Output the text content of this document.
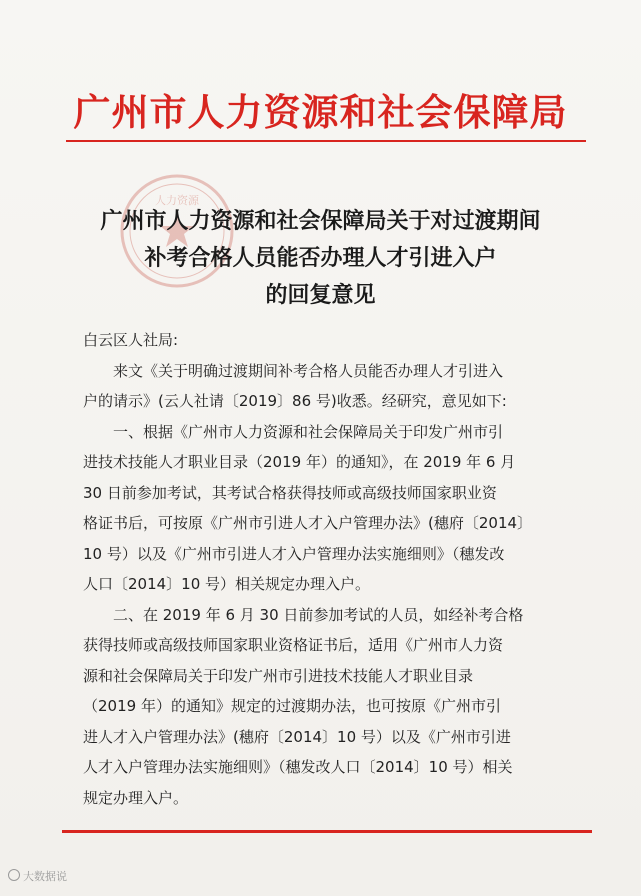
广州市人力资源和社会保障局
人力资源
广州市人力资源和社会保障局关于对过渡期间
补考合格人员能否办理人才引进入户
的回复意见
白云区人社局:
　　来文《关于明确过渡期间补考合格人员能否办理人才引进入
户的请示》(云人社请〔2019〕86 号)收悉。经研究，意见如下:
　　一、根据《广州市人力资源和社会保障局关于印发广州市引
进技术技能人才职业目录（2019 年）的通知》，在 2019 年 6 月
30 日前参加考试，其考试合格获得技师或高级技师国家职业资
格证书后，可按原《广州市引进人才入户管理办法》(穗府〔2014〕
10 号）以及《广州市引进人才入户管理办法实施细则》（穗发改
人口〔2014〕10 号）相关规定办理入户。
　　二、在 2019 年 6 月 30 日前参加考试的人员，如经补考合格
获得技师或高级技师国家职业资格证书后，适用《广州市人力资
源和社会保障局关于印发广州市引进技术技能人才职业目录
（2019 年）的通知》规定的过渡期办法，也可按原《广州市引
进人才入户管理办法》(穗府〔2014〕10 号）以及《广州市引进
人才入户管理办法实施细则》（穗发改人口〔2014〕10 号）相关
规定办理入户。
大数据说
